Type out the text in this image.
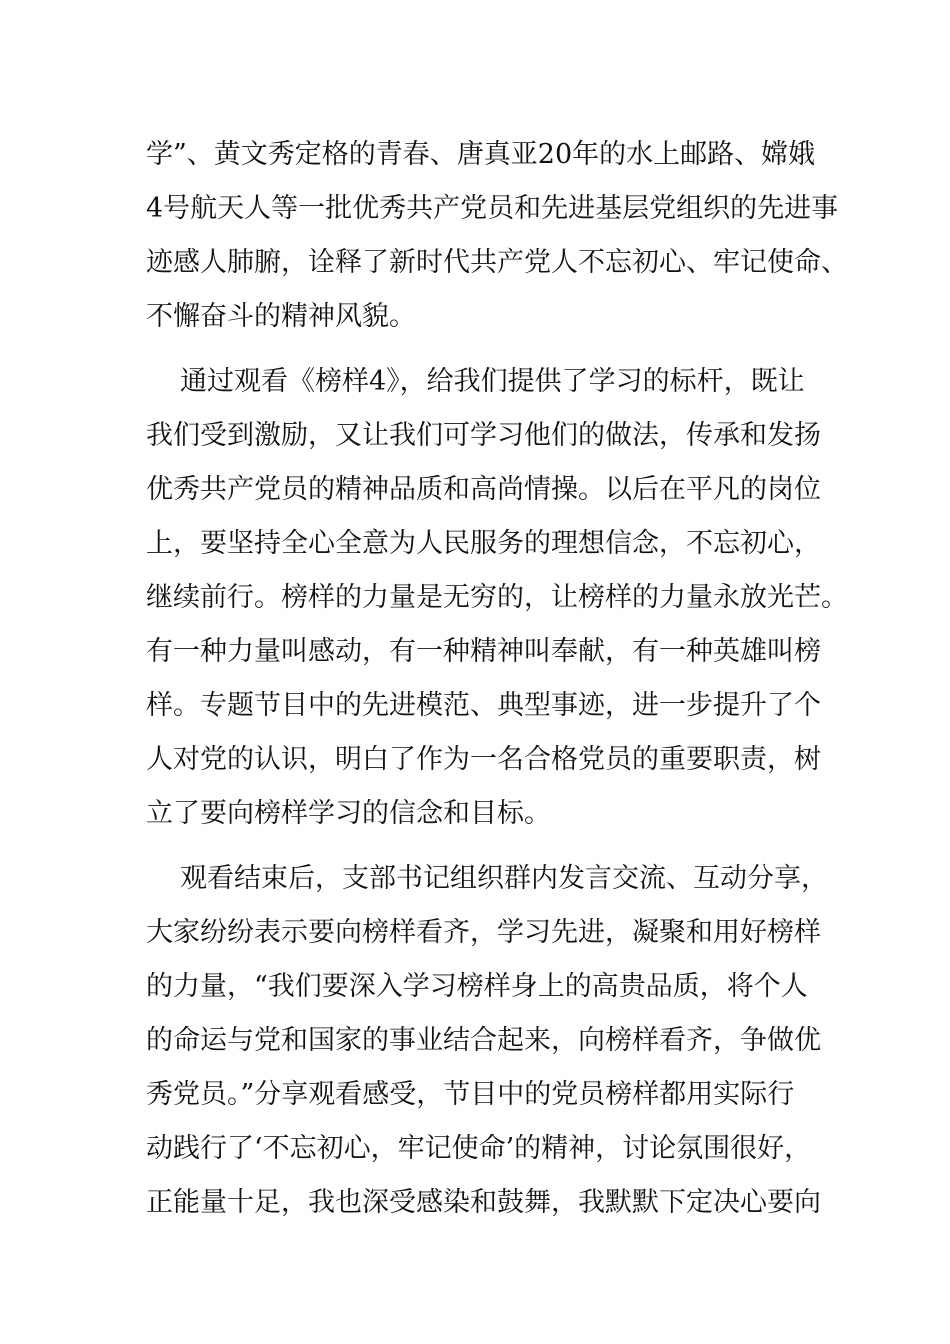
学”、黄文秀定格的青春、唐真亚20年的水上邮路、嫦娥
4号航天人等一批优秀共产党员和先进基层党组织的先进事
迹感人肺腑，诠释了新时代共产党人不忘初心、牢记使命、
不懈奋斗的精神风貌。
通过观看《榜样4》，给我们提供了学习的标杆，既让
我们受到激励，又让我们可学习他们的做法，传承和发扬
优秀共产党员的精神品质和高尚情操。以后在平凡的岗位
上，要坚持全心全意为人民服务的理想信念，不忘初心，
继续前行。榜样的力量是无穷的，让榜样的力量永放光芒。
有一种力量叫感动，有一种精神叫奉献，有一种英雄叫榜
样。专题节目中的先进模范、典型事迹，进一步提升了个
人对党的认识，明白了作为一名合格党员的重要职责，树
立了要向榜样学习的信念和目标。
观看结束后，支部书记组织群内发言交流、互动分享，
大家纷纷表示要向榜样看齐，学习先进，凝聚和用好榜样
的力量，“我们要深入学习榜样身上的高贵品质，将个人
的命运与党和国家的事业结合起来，向榜样看齐，争做优
秀党员。”分享观看感受，节目中的党员榜样都用实际行
动践行了‘不忘初心，牢记使命’的精神，讨论氛围很好，
正能量十足，我也深受感染和鼓舞，我默默下定决心要向
